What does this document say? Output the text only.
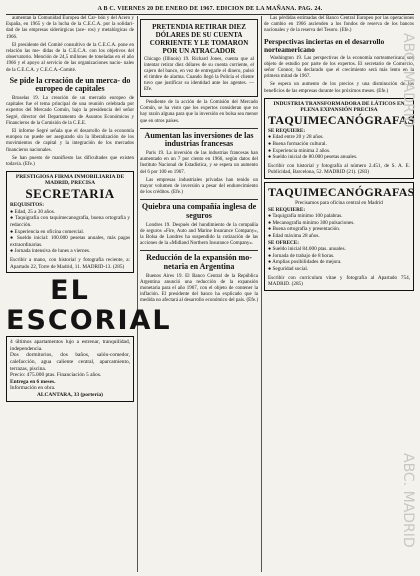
A B C. VIERNES 20 DE ENERO DE 1967. EDICION DE LA MAÑANA. PAG. 24.

aumentan la Comunidad Europea del Car- bón y del Acero y España, en 1965 y de la lucha de la C.E.C.A. por la solidari- dad de las empresas siderúrgicas (ace- ros) y metalúrgicas de 1966.

El presidente del Comité consultivo de la C.E.C.A. pone en relación las me- didas de la C.E.C.A. con los objetivos del observatorio. Mención de 24,5 millones de toneladas en el año 1966 y el apoyo al servicio de las organizaciones nacio- nales de la C.E.C.A. y C.E.C.A.-Comité.

Se pide la creación de un merca- do europeo de capitales

Bruselas 19. La creación de un mercado europeo de capitales fue el tema principal de una reunión celebrada por expertos del Mercado Común, bajo la presidencia del señor Segré, director del Departamento de Asuntos Económicos y Financieros de la Comisión de la C.E.E.

El informe Segré señala que el desarrollo de la economía europea no puede ser asegurado sin la liberalización de los movimientos de capital y la integración de los mercados financieros nacionales.

Se han puesto de manifiesto las dificultades que existen todavía. (Efe.)

PRESTIGIOSA FIRMA INMOBILIARIA DE MADRID, PRECISA
SECRETARIA
REQUISITOS:
● Edad, 25 a 30 años.
● Taquigrafía con taquimecanografía, buena ortografía y redacción.
● Experiencia en oficina comercial.
● Sueldo inicial: 100.000 pesetas anuales, más pagas extraordinarias.
● Jornada intensiva de lunes a viernes.
Escribir a mano, con historial y fotografía reciente, a: Apartado 22, Torre de Madrid, 11. MADRID-13. (285)
EL ESCORIAL
4 últimos apartamentos lujo a estrenar, tranquilidad, independencia.
Dos dormitorios, dos baños, salón-comedor, calefacción, agua caliente central, aparcamiento, terrazas, piscina.
Precio: 475.000 ptas. Financiación 5 años.
Entrega en 6 meses.
Información en obra.
ALCANTARA, 33 (portería)
PRETENDIA RETIRAR DIEZ DÓLARES DE SU CUENTA CORRIENTE Y LE TOMARON POR UN ATRACADOR
Chicago (Illinois) 19. Richard Jones, cuenta que al intentar retirar diez dólares de su cuenta corriente, el cajero del banco, en vez de entregarle el dinero, pulsó el timbre de alarma. Cuando llegó la Policía el cliente tuvo que justificar su identidad ante los agentes. — Efe.

Pendiente de la acción de la Comisión del Mercado Común, se ha visto que los expertos consideran que no hay razón alguna para que la inversión en bolsa sea menor que en otros países.

Aumentan las inversiones de las industrias francesas

París 19. La inversión de las industrias francesas han aumentado en un 7 por ciento en 1966, según datos del Instituto Nacional de Estadística, y se espera un aumento del 6 por 100 en 1967.

Las empresas industriales privadas han tenido un mayor volumen de inversión a pesar del endurecimiento de los créditos. (Efe.)

Quiebra una compañía inglesa de seguros

Londres 19. Después del hundimiento de la compañía de seguros «Fire, Auto and Marine Insurance Company», la Bolsa de Londres ha suspendido la cotización de las acciones de la «Midland Northern Insurance Company».

Reducción de la expansión mo- netaria en Argentina

Buenos Aires 19. El Banco Central de la República Argentina anunció una reducción de la expansión monetaria para el año 1967, con el objeto de contener la inflación. El presidente del banco ha explicado que la medida no afectará al desarrollo económico del país. (Efe.)

Las pérdidas estimadas del Banco Central Europeo por las operaciones de cambio en 1966 ascienden a los fondos de reserva de los bancos nacionales y de la reserva del Tesoro. (Efe.)

Perspectivas inciertas en el desarrollo norteamericano

Washington 19. Las perspectivas de la economía norteamericana son objeto de estudio por parte de los expertos. El secretario de Comercio, señor Connor, ha declarado que el crecimiento será más lento en la primera mitad de 1967.

Se espera un aumento de los precios y una disminución de los beneficios de las empresas durante los próximos meses. (Efe.)

INDUSTRIA TRANSFORMADORA DE LÁTICOS EN PLENA EXPANSIÓN PRECISA
TAQUIMECANÓGRAFAS
SE REQUIERE:
● Edad entre 20 y 28 años.
● Buena formación cultural.
● Experiencia mínima 2 años.
● Sueldo inicial de 80.000 pesetas anuales.
Escribir con historial y fotografía al número 2.451, de S. A. E. Publicidad, Barcelona, 52. MADRID (21). (283)
TAQUIMECANÓGRAFAS
Precisamos para oficina central en Madrid
SE REQUIERE:
● Taquigrafía mínimo 100 palabras.
● Mecanografía mínimo 300 pulsaciones.
● Buena ortografía y presentación.
● Edad máxima 28 años.
SE OFRECE:
● Sueldo inicial 84.000 ptas. anuales.
● Jornada de trabajo de 8 horas.
● Amplias posibilidades de mejora.
● Seguridad social.
Escribir con curriculum vitae y fotografía al Apartado 754, MADRID. (285)
ABC. MADRID
ABC. MADRID
